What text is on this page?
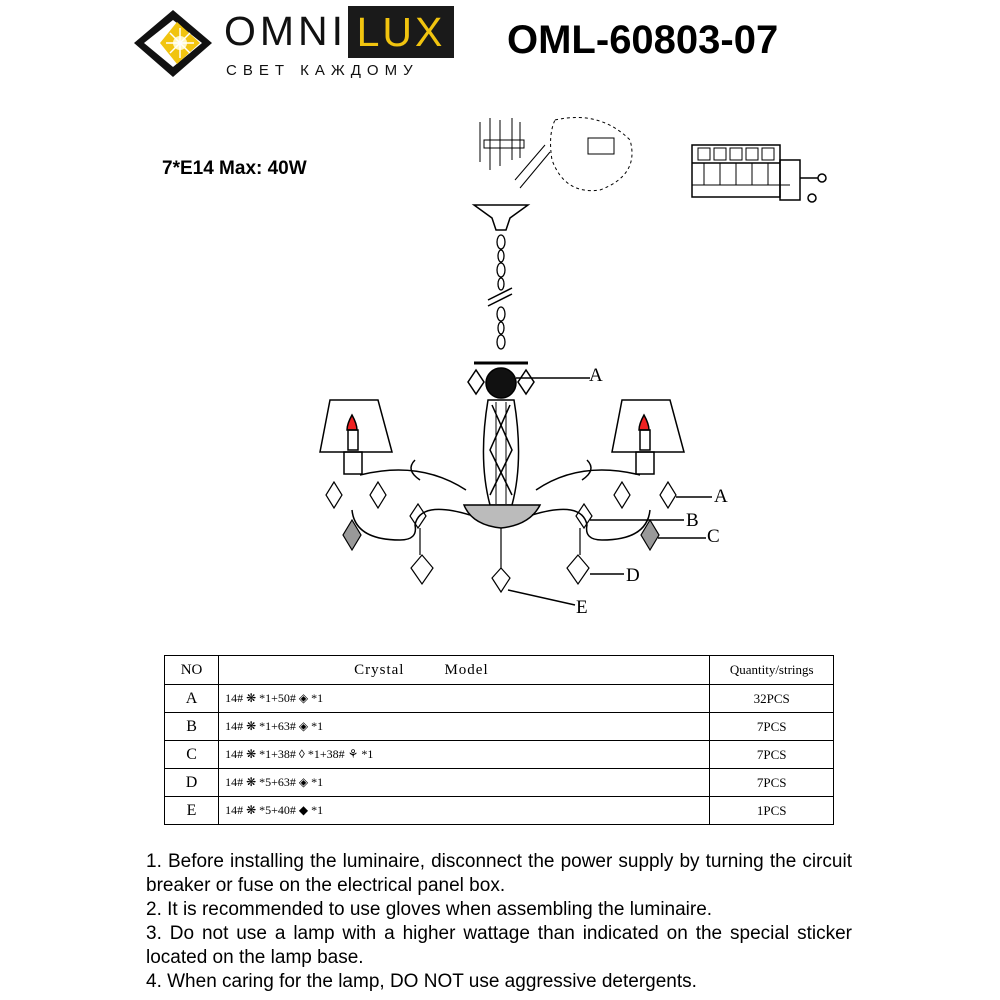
OMNI LUX
СВЕТ КАЖДОМУ
OML-60803-07
7*E14 Max: 40W
A
A
B
C
D
E
NO	Crystal Model	Quantity/strings
A	14# ❋ *1+50# ◈ *1	32PCS
B	14# ❋ *1+63# ◈ *1	7PCS
C	14# ❋ *1+38# ◊ *1+38# ⚘ *1	7PCS
D	14# ❋ *5+63# ◈ *1	7PCS
E	14# ❋ *5+40# ◆ *1	1PCS

1. Before installing the luminaire, disconnect the power supply by turning the circuit breaker or fuse on the electrical panel box.

2. It is recommended to use gloves when assembling the luminaire.

3. Do not use a lamp with a higher wattage than indicated on the special sticker located on the lamp base.

4. When caring for the lamp, DO NOT use aggressive detergents.
